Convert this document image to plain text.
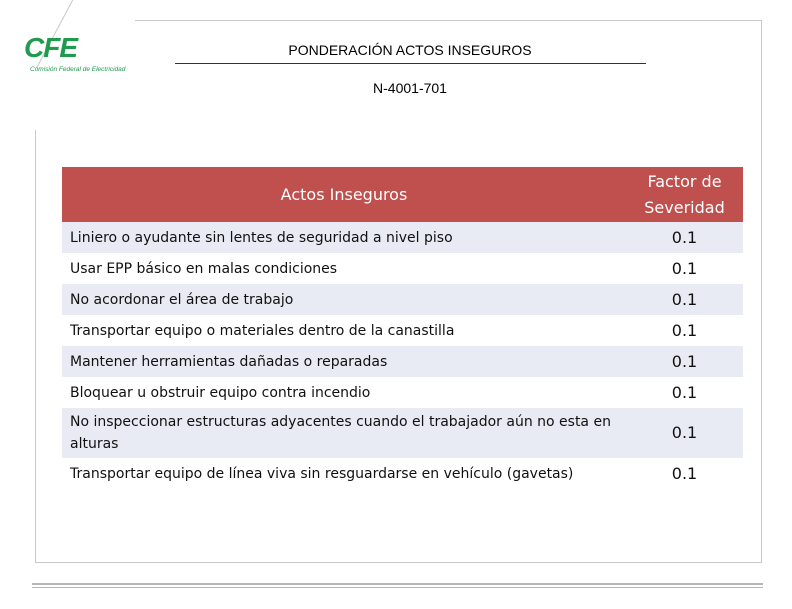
CFE
Comisión Federal de Electricidad
PONDERACIÓN ACTOS INSEGUROS
N-4001-701
Actos Inseguros	Factor de Severidad
Liniero o ayudante sin lentes de seguridad a nivel piso	0.1
Usar EPP básico en malas condiciones	0.1
No acordonar el área de trabajo	0.1
Transportar equipo o materiales dentro de la canastilla	0.1
Mantener herramientas dañadas o reparadas	0.1
Bloquear u obstruir equipo contra incendio	0.1
No inspeccionar estructuras adyacentes cuando el trabajador aún no esta en alturas	0.1
Transportar equipo de línea viva sin resguardarse en vehículo (gavetas)	0.1
